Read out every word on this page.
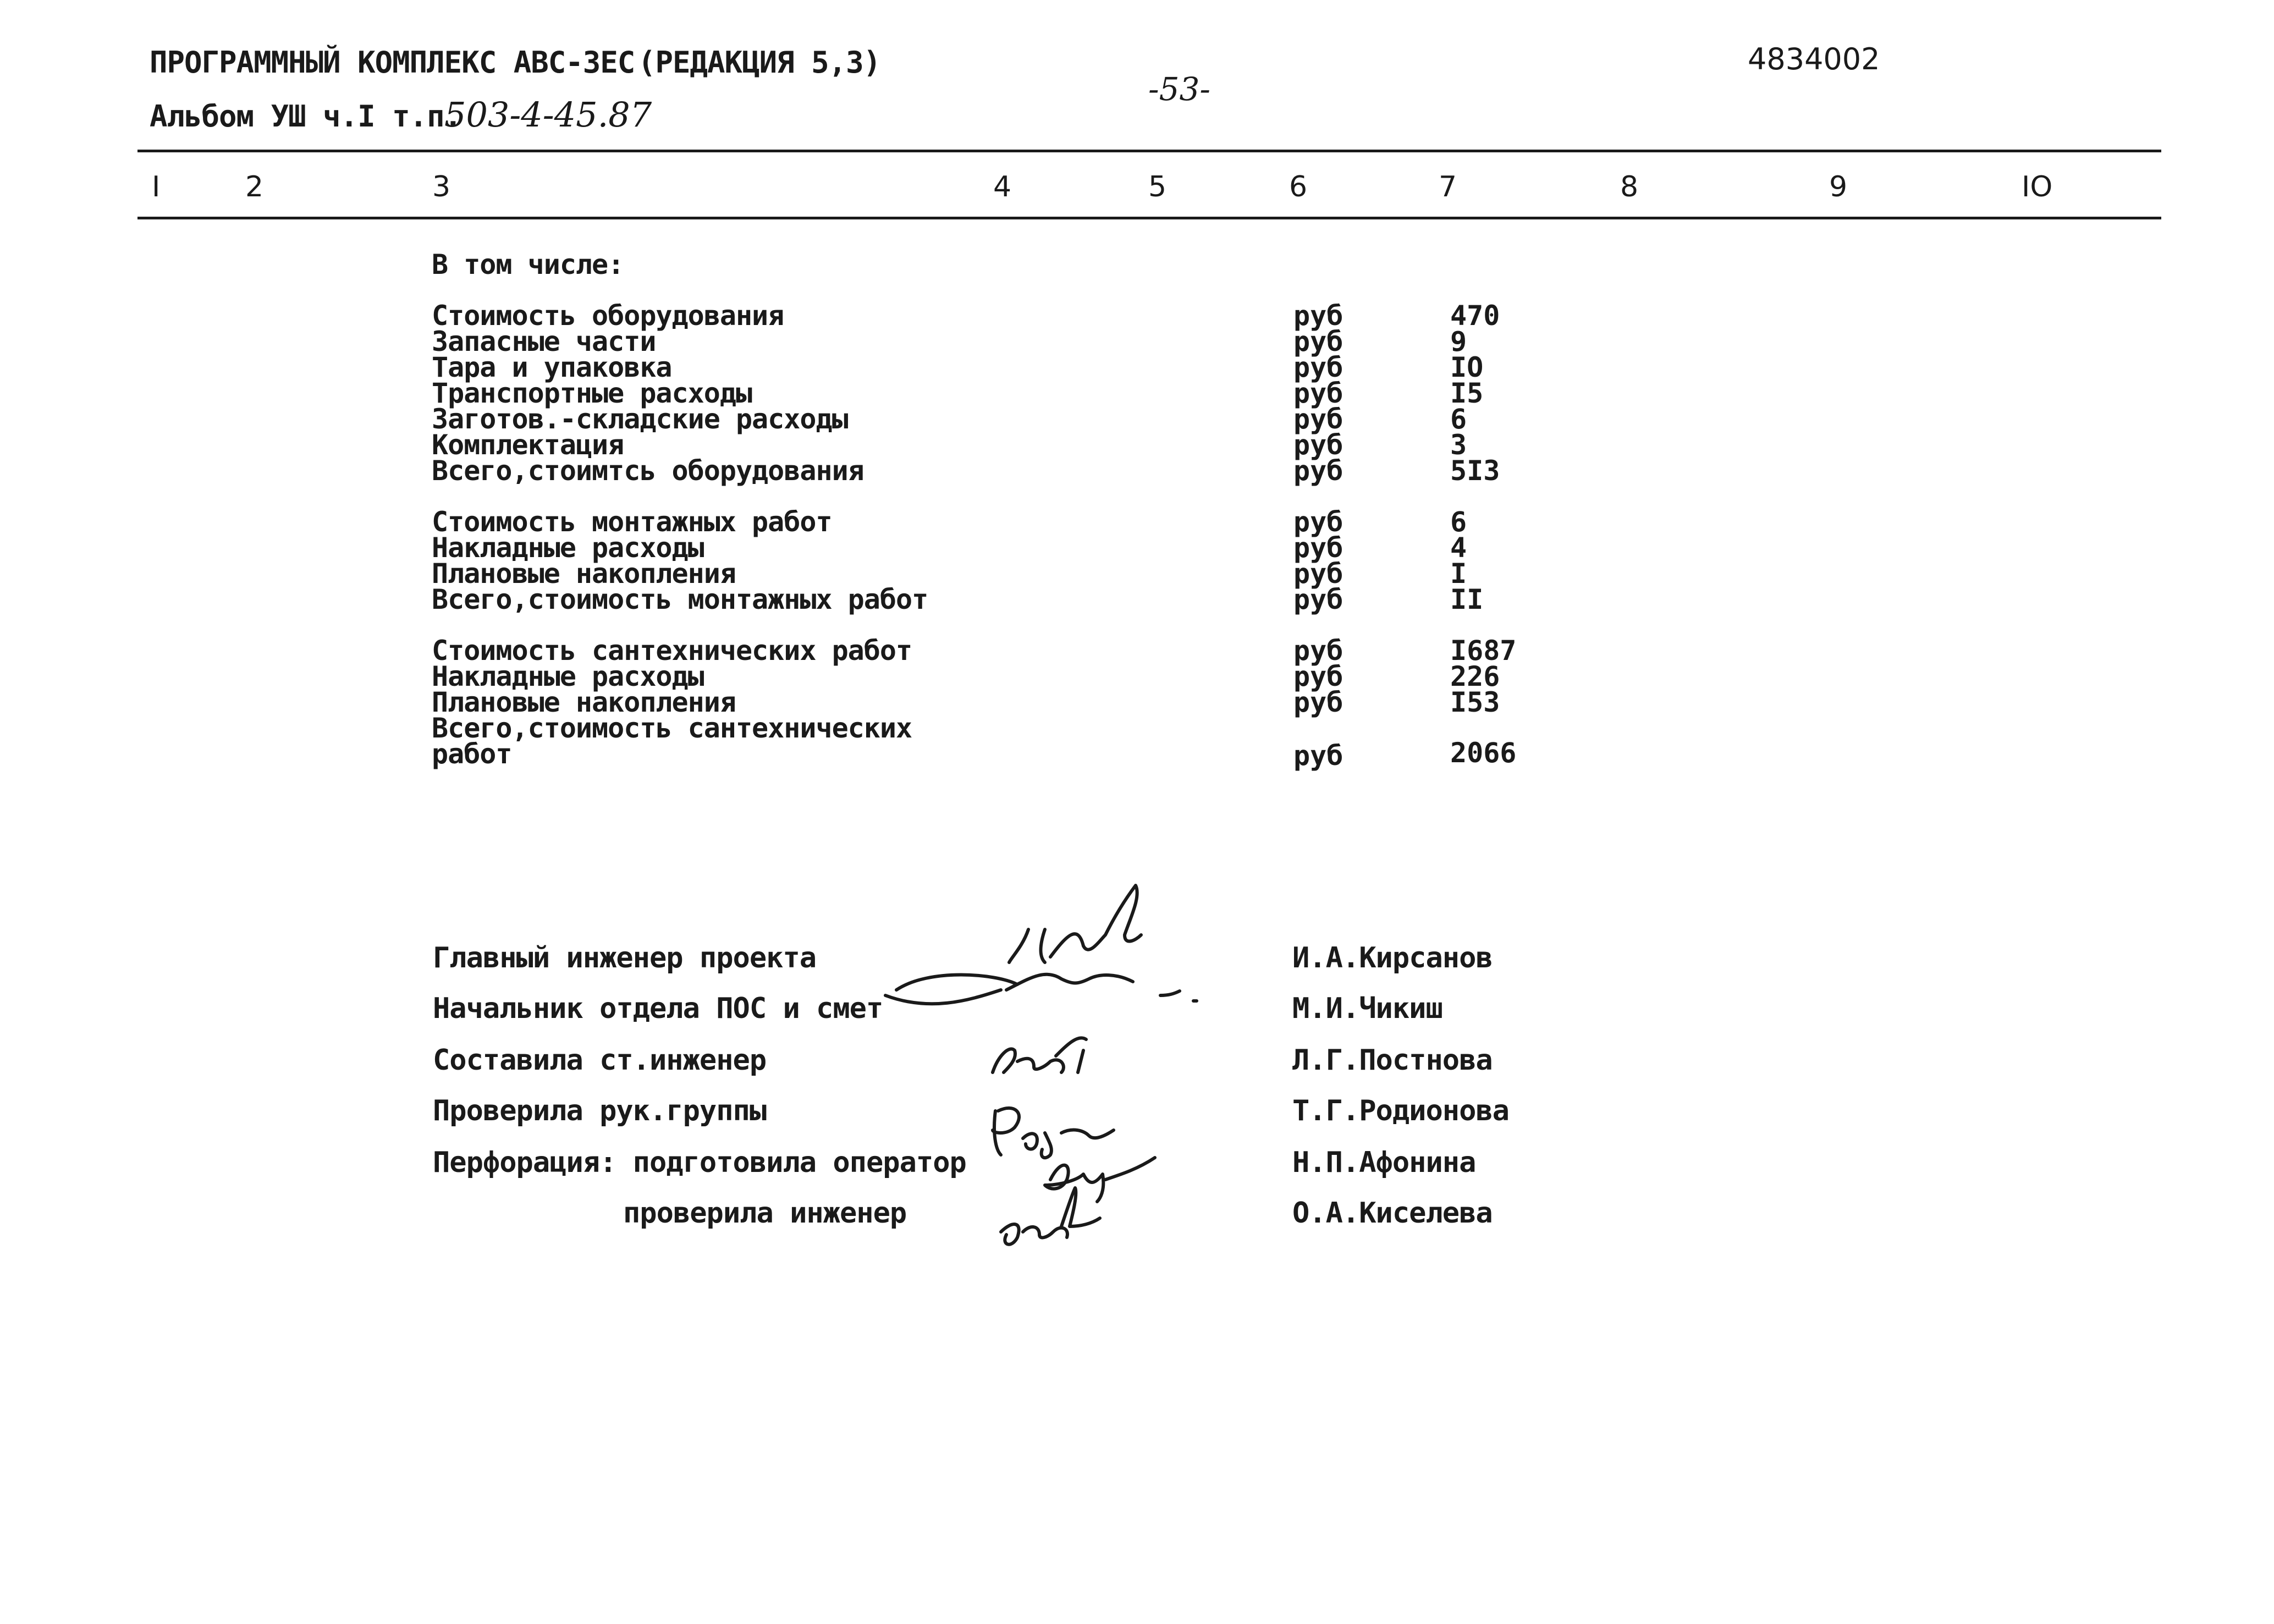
ПРОГРАММНЫЙ КОМПЛЕКС АВС-ЗЕС (РЕДАКЦИЯ 5,3)
Альбом УШ ч.I т.п.
503-4-45.87
-53-
4834002
I	2	3	4	5	6	7	8	9	IO
В том числе:
Стоимость оборудования	руб	470
Запасные части	руб	9
Тара и упаковка	руб	IO
Транспортные расходы	руб	I5
Заготов.-складские расходы	руб	6
Комплектация	руб	3
Всего,стоимтсь оборудования	руб	5I3
Стоимость монтажных работ	руб	6
Накладные расходы	руб	4
Плановые накопления	руб	I
Всего,стоимость монтажных работ	руб	II
Стоимость сантехнических работ	руб	I687
Накладные расходы	руб	226
Плановые накопления	руб	I53
Всего,стоимость сантехнических
работ	руб	2066
Главный инженер проекта	И.А.Кирсанов
Начальник отдела ПОС и смет	М.И.Чикиш
Составила ст.инженер	Л.Г.Постнова
Проверила рук.группы	Т.Г.Родионова
Перфорация: подготовила оператор	Н.П.Афонина
проверила инженер	О.А.Киселева
